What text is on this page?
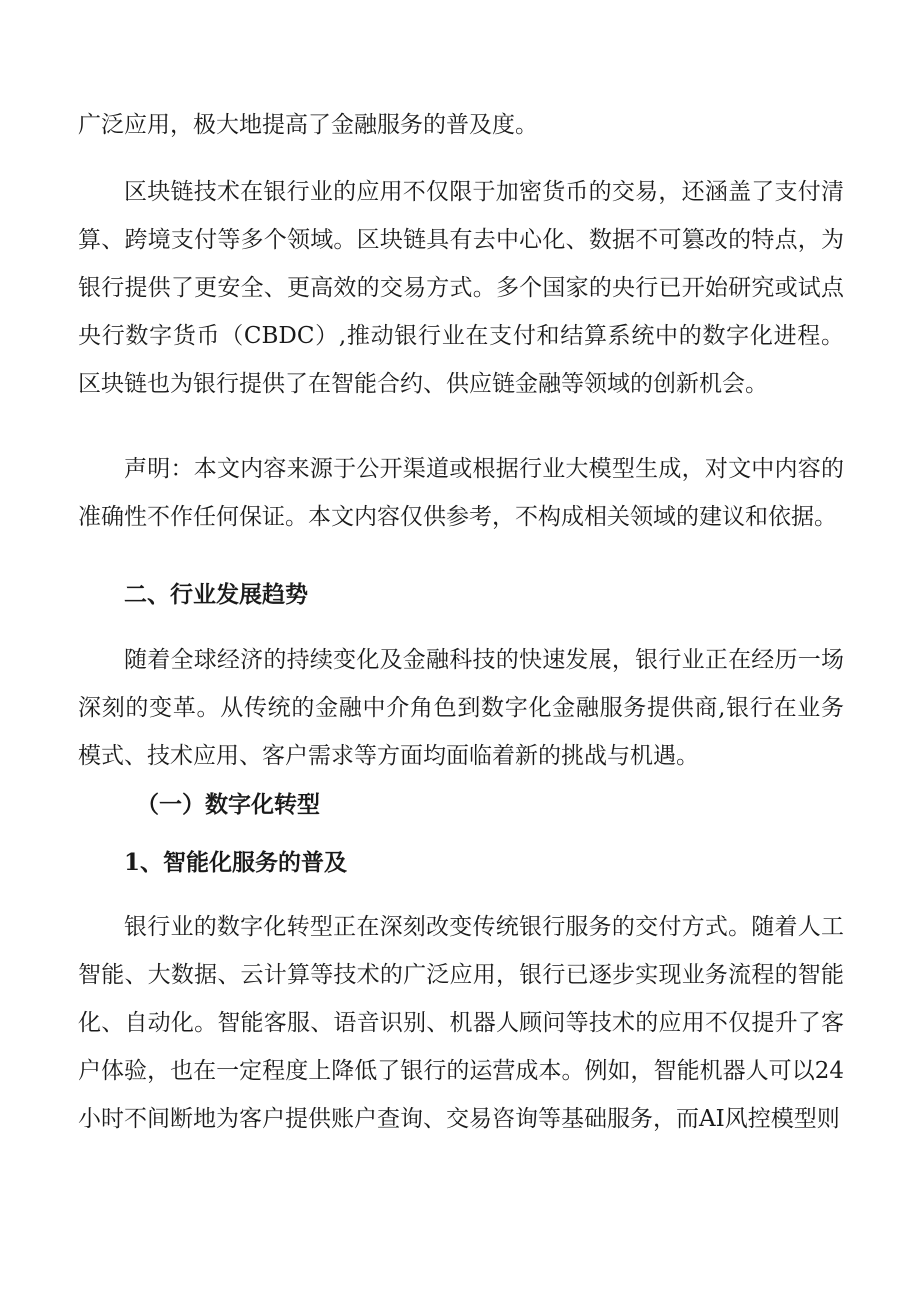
广泛应用，极大地提高了金融服务的普及度。

区块链技术在银行业的应用不仅限于加密货币的交易，还涵盖了支付清算、跨境支付等多个领域。区块链具有去中心化、数据不可篡改的特点，为银行提供了更安全、更高效的交易方式。多个国家的央行已开始研究或试点央行数字货币（CBDC）,推动银行业在支付和结算系统中的数字化进程。区块链也为银行提供了在智能合约、供应链金融等领域的创新机会。

声明：本文内容来源于公开渠道或根据行业大模型生成，对文中内容的准确性不作任何保证。本文内容仅供参考，不构成相关领域的建议和依据。

二、行业发展趋势

随着全球经济的持续变化及金融科技的快速发展，银行业正在经历一场深刻的变革。从传统的金融中介角色到数字化金融服务提供商,银行在业务模式、技术应用、客户需求等方面均面临着新的挑战与机遇。

（一）数字化转型
1、智能化服务的普及

银行业的数字化转型正在深刻改变传统银行服务的交付方式。随着人工智能、大数据、云计算等技术的广泛应用，银行已逐步实现业务流程的智能化、自动化。智能客服、语音识别、机器人顾问等技术的应用不仅提升了客户体验，也在一定程度上降低了银行的运营成本。例如，智能机器人可以24小时不间断地为客户提供账户查询、交易咨询等基础服务，而AI风控模型则
